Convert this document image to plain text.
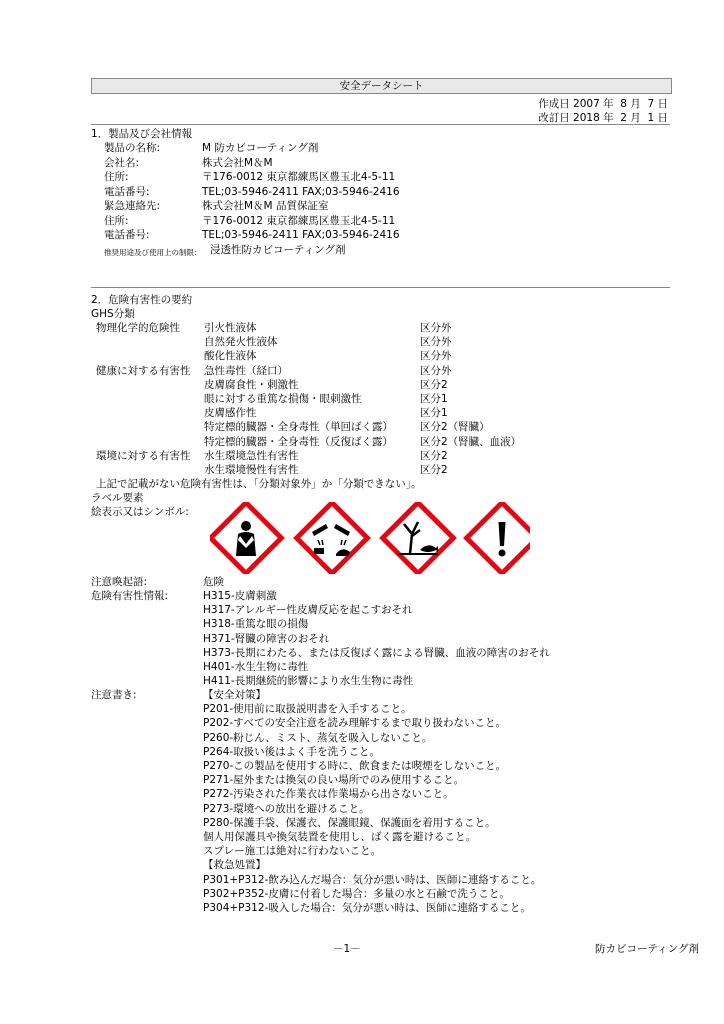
安全データシート
作成日 2007 年  8 月  7 日
改訂日 2018 年  2 月  1 日
1．製品及び会社情報
製品の名称:	M 防カビコーティング剤
会社名:	株式会社M＆M
住所:	〒176-0012 東京都練馬区豊玉北4-5-11
電話番号:	TEL;03-5946-2411 FAX;03-5946-2416
緊急連絡先:	株式会社M＆M 品質保証室
住所:	〒176-0012 東京都練馬区豊玉北4-5-11
電話番号:	TEL;03-5946-2411 FAX;03-5946-2416
推奨用途及び使用上の制限: 浸透性防カビコーティング剤
2．危険有害性の要約
GHS分類
物理化学的危険性 引火性液体	区分外
自然発火性液体	区分外
酸化性液体	区分外
健康に対する有害性 急性毒性（経口）	区分外
皮膚腐食性・刺激性	区分2
眼に対する重篤な損傷・眼刺激性	区分1
皮膚感作性	区分1
特定標的臓器・全身毒性（単回ばく露）	区分2（腎臓）
特定標的臓器・全身毒性（反復ばく露）	区分2（腎臓、血液）
環境に対する有害性 水生環境急性有害性	区分2
水生環境慢性有害性	区分2
上記で記載がない危険有害性は、「分類対象外」か「分類できない」。
ラベル要素
絵表示又はシンボル:
注意喚起語:	危険
危険有害性情報:	H315-皮膚刺激
H317-アレルギー性皮膚反応を起こすおそれ
H318-重篤な眼の損傷
H371-腎臓の障害のおそれ
H373-長期にわたる、または反復ばく露による腎臓、血液の障害のおそれ
H401-水生生物に毒性
H411-長期継続的影響により水生生物に毒性
注意書き:	【安全対策】
P201-使用前に取扱説明書を入手すること。
P202-すべての安全注意を読み理解するまで取り扱わないこと。
P260-粉じん、ミスト、蒸気を吸入しないこと。
P264-取扱い後はよく手を洗うこと。
P270-この製品を使用する時に、飲食または喫煙をしないこと。
P271-屋外または換気の良い場所でのみ使用すること。
P272-汚染された作業衣は作業場から出さないこと。
P273-環境への放出を避けること。
P280-保護手袋、保護衣、保護眼鏡、保護面を着用すること。
個人用保護具や換気装置を使用し、ばく露を避けること。
スプレー施工は絶対に行わないこと。
【救急処置】
P301+P312-飲み込んだ場合：気分が悪い時は、医師に連絡すること。
P302+P352-皮膚に付着した場合：多量の水と石鹸で洗うこと。
P304+P312-吸入した場合：気分が悪い時は、医師に連絡すること。
－1－	防カビコーティング剤
